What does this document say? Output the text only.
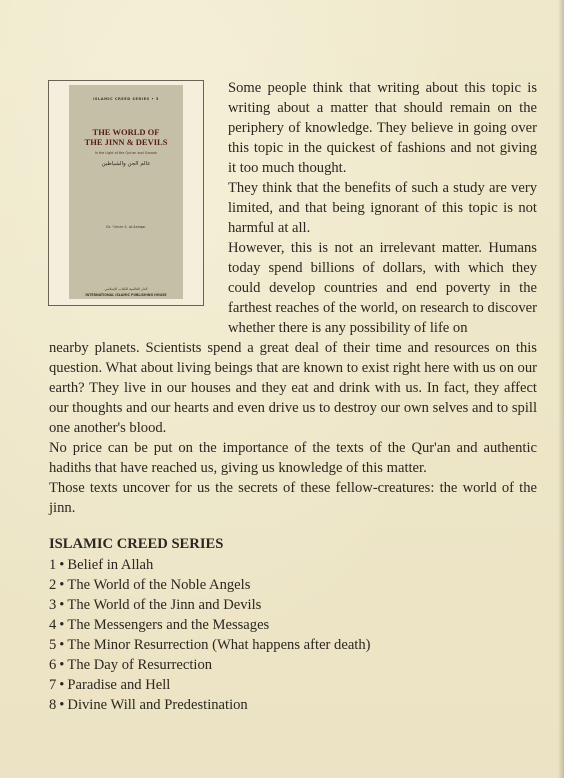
ISLAMIC CREED SERIES • 3
THE WORLD OF
THE JINN & DEVILS
In the Light of the Qur'an and Sunnah
عالم الجن والشياطين
Dr. 'Umar S. al-Ashqar
الدار العالمية للكتاب الإسلامي
INTERNATIONAL ISLAMIC PUBLISHING HOUSE

Some people think that writing about this topic is writing about a matter that should remain on the periphery of knowledge. They believe in going over this topic in the quickest of fashions and not giving it too much thought.

They think that the benefits of such a study are very limited, and that being ignorant of this topic is not harmful at all.

However, this is not an irrelevant matter. Humans today spend billions of dollars, with which they could develop countries and end poverty in the farthest reaches of the world, on research to discover whether there is any possibility of life on

nearby planets. Scientists spend a great deal of their time and resources on this question. What about living beings that are known to exist right here with us on our earth? They live in our houses and they eat and drink with us. In fact, they affect our thoughts and our hearts and even drive us to destroy our own selves and to spill one another's blood.

No price can be put on the importance of the texts of the Qur'an and authentic hadiths that have reached us, giving us knowledge of this matter.

Those texts uncover for us the secrets of these fellow-creatures: the world of the jinn.

ISLAMIC CREED SERIES
1 • Belief in Allah
2 • The World of the Noble Angels
3 • The World of the Jinn and Devils
4 • The Messengers and the Messages
5 • The Minor Resurrection (What happens after death)
6 • The Day of Resurrection
7 • Paradise and Hell
8 • Divine Will and Predestination
